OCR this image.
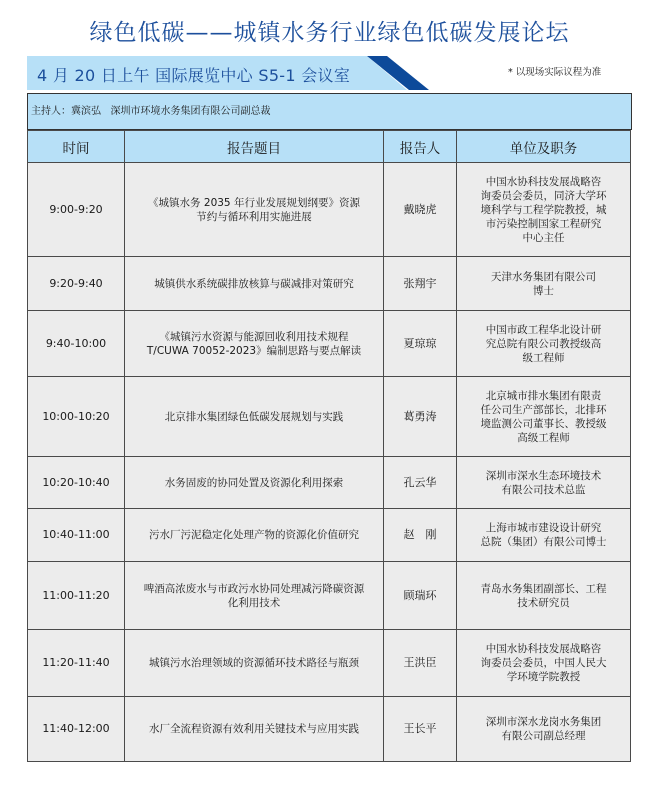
绿色低碳——城镇水务行业绿色低碳发展论坛
4 月 20 日上午 国际展览中心 S5-1 会议室	* 以现场实际议程为准
主持人：冀滨弘 深圳市环境水务集团有限公司副总裁
时间	报告题目	报告人	单位及职务
9:00-9:20	《城镇水务 2035 年行业发展规划纲要》资源节约与循环利用实施进展	戴晓虎	中国水协科技发展战略咨
询委员会委员，同济大学环
境科学与工程学院教授，城
市污染控制国家工程研究
中心主任

9:20-9:40	城镇供水系统碳排放核算与碳减排对策研究	张翔宇	天津水务集团有限公司
博士

9:40-10:00	《城镇污水资源与能源回收利用技术规程 T/CUWA 70052-2023》编制思路与要点解读	夏琼琼	中国市政工程华北设计研
究总院有限公司教授级高
级工程师

10:00-10:20	北京排水集团绿色低碳发展规划与实践	葛勇涛	北京城市排水集团有限责
任公司生产部部长，北排环
境监测公司董事长、教授级
高级工程师

10:20-10:40	水务固废的协同处置及资源化利用探索	孔云华	深圳市深水生态环境技术
有限公司技术总监

10:40-11:00	污水厂污泥稳定化处理产物的资源化价值研究	赵　刚	上海市城市建设设计研究
总院（集团）有限公司博士

11:00-11:20	啤酒高浓废水与市政污水协同处理减污降碳资源化利用技术	顾瑞环	青岛水务集团副部长、工程
技术研究员

11:20-11:40	城镇污水治理领域的资源循环技术路径与瓶颈	王洪臣	中国水协科技发展战略咨
询委员会委员，中国人民大
学环境学院教授

11:40-12:00	水厂全流程资源有效利用关键技术与应用实践	王长平	深圳市深水龙岗水务集团
有限公司副总经理
